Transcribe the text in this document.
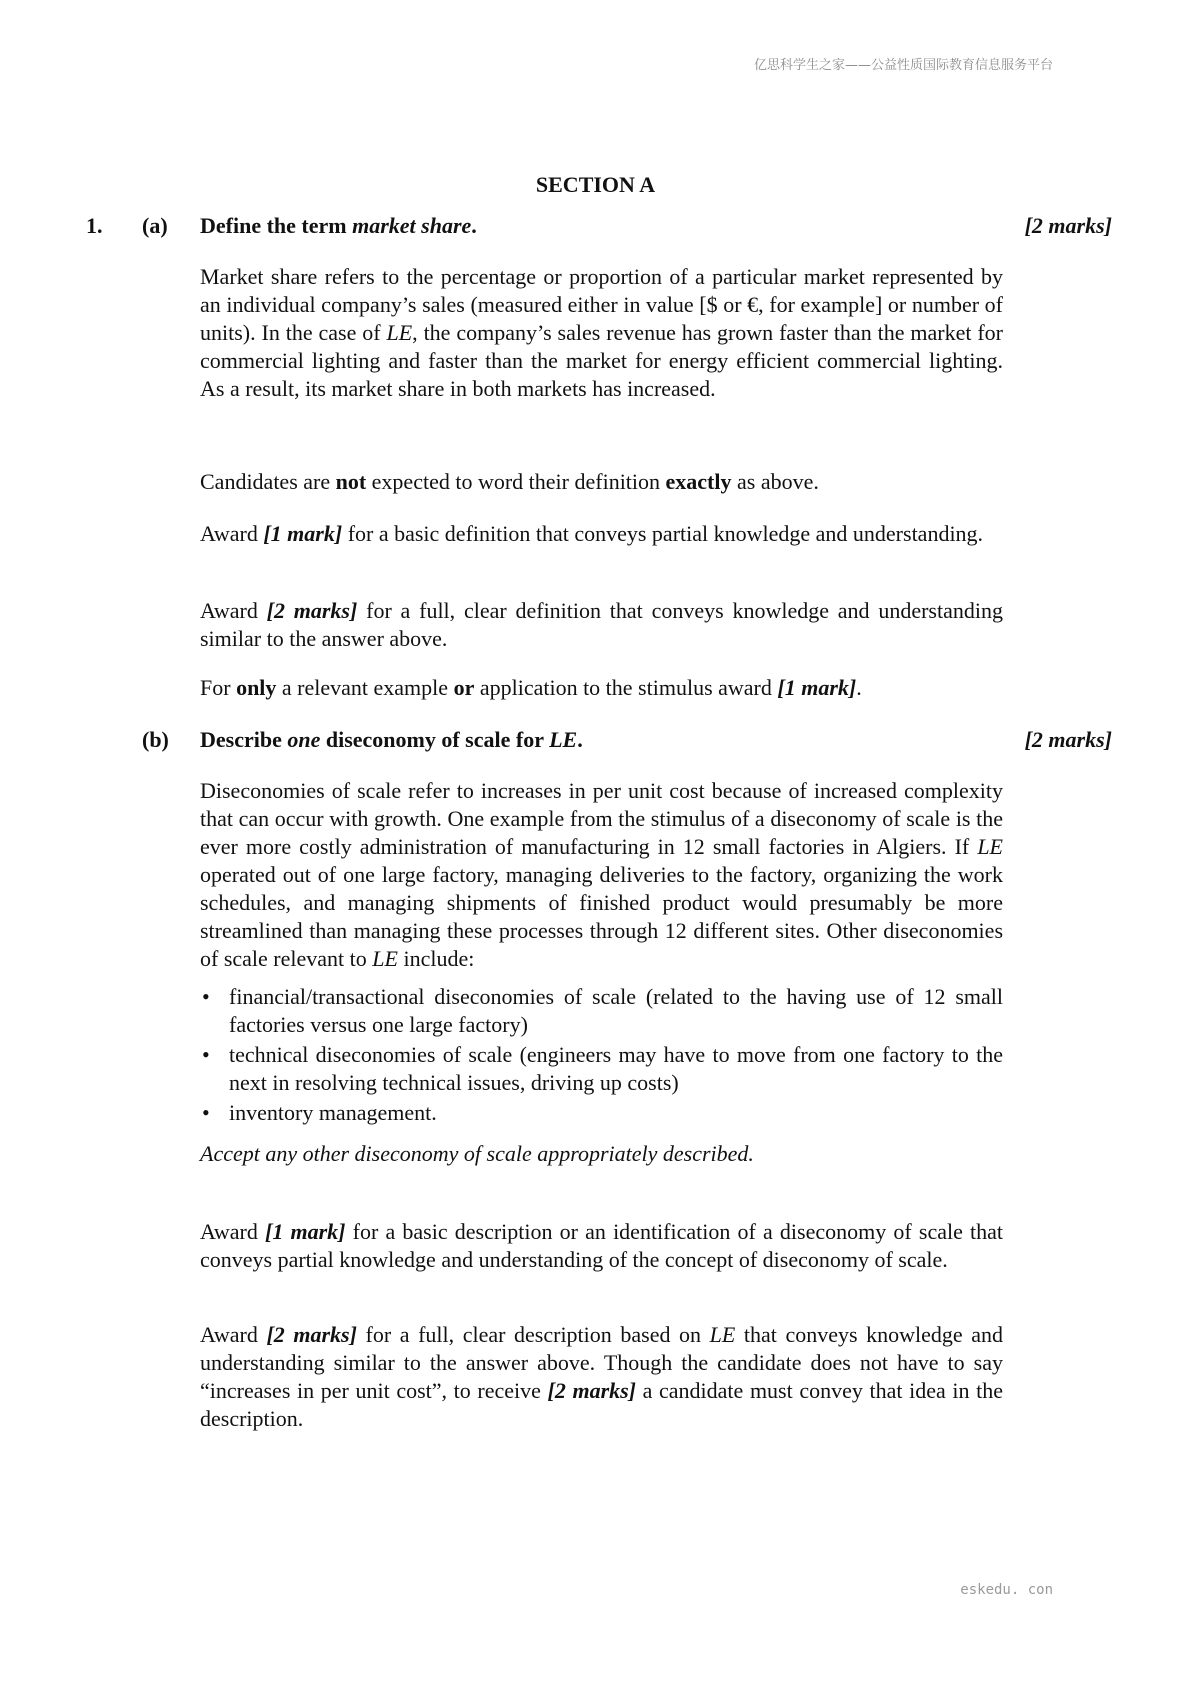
亿思科学生之家——公益性质国际教育信息服务平台
SECTION A
1. (a) Define the term market share.	[2 marks]

Market share refers to the percentage or proportion of a particular market represented by an individual company’s sales (measured either in value [$ or €, for example] or number of units). In the case of LE, the company’s sales revenue has grown faster than the market for commercial lighting and faster than the market for energy efficient commercial lighting. As a result, its market share in both markets has increased.

Candidates are not expected to word their definition exactly as above.

Award [1 mark] for a basic definition that conveys partial knowledge and understanding.

Award [2 marks] for a full, clear definition that conveys knowledge and understanding similar to the answer above.

For only a relevant example or application to the stimulus award [1 mark].

(b) Describe one diseconomy of scale for LE.	[2 marks]

Diseconomies of scale refer to increases in per unit cost because of increased complexity that can occur with growth. One example from the stimulus of a diseconomy of scale is the ever more costly administration of manufacturing in 12 small factories in Algiers. If LE operated out of one large factory, managing deliveries to the factory, organizing the work schedules, and managing shipments of finished product would presumably be more streamlined than managing these processes through 12 different sites. Other diseconomies of scale relevant to LE include:

• financial/transactional diseconomies of scale (related to the having use of 12 small factories versus one large factory)
• technical diseconomies of scale (engineers may have to move from one factory to the next in resolving technical issues, driving up costs)
• inventory management.

Accept any other diseconomy of scale appropriately described.

Award [1 mark] for a basic description or an identification of a diseconomy of scale that conveys partial knowledge and understanding of the concept of diseconomy of scale.

Award [2 marks] for a full, clear description based on LE that conveys knowledge and understanding similar to the answer above. Though the candidate does not have to say “increases in per unit cost”, to receive [2 marks] a candidate must convey that idea in the description.

eskedu. con
